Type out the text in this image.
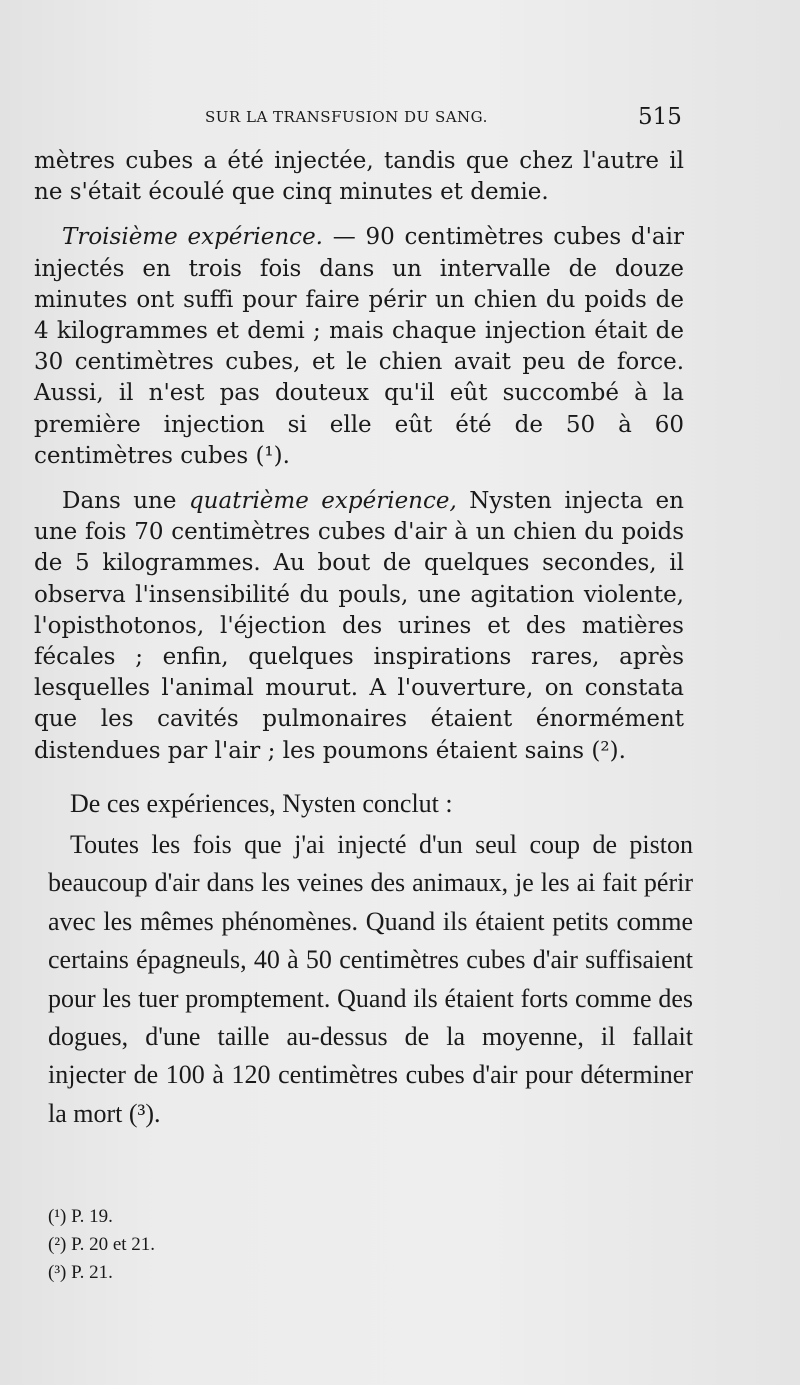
SUR LA TRANSFUSION DU SANG.	515

mètres cubes a été injectée, tandis que chez l'autre il ne s'était écoulé que cinq minutes et demie.

Troisième expérience. — 90 centimètres cubes d'air injectés en trois fois dans un intervalle de douze minutes ont suffi pour faire périr un chien du poids de 4 kilogrammes et demi ; mais chaque injection était de 30 centimètres cubes, et le chien avait peu de force. Aussi, il n'est pas douteux qu'il eût succombé à la première injection si elle eût été de 50 à 60 centimètres cubes (¹).

Dans une quatrième expérience, Nysten injecta en une fois 70 centimètres cubes d'air à un chien du poids de 5 kilogrammes. Au bout de quelques secondes, il observa l'insensibilité du pouls, une agitation violente, l'opisthotonos, l'éjection des urines et des matières fécales ; enfin, quelques inspirations rares, après lesquelles l'animal mourut. A l'ouverture, on constata que les cavités pulmonaires étaient énormément distendues par l'air ; les poumons étaient sains (²).

De ces expériences, Nysten conclut :

Toutes les fois que j'ai injecté d'un seul coup de piston beaucoup d'air dans les veines des animaux, je les ai fait périr avec les mêmes phénomènes. Quand ils étaient petits comme certains épagneuls, 40 à 50 centimètres cubes d'air suffisaient pour les tuer promptement. Quand ils étaient forts comme des dogues, d'une taille au-dessus de la moyenne, il fallait injecter de 100 à 120 centimètres cubes d'air pour déterminer la mort (³).

(¹) P. 19.
(²) P. 20 et 21.
(³) P. 21.
